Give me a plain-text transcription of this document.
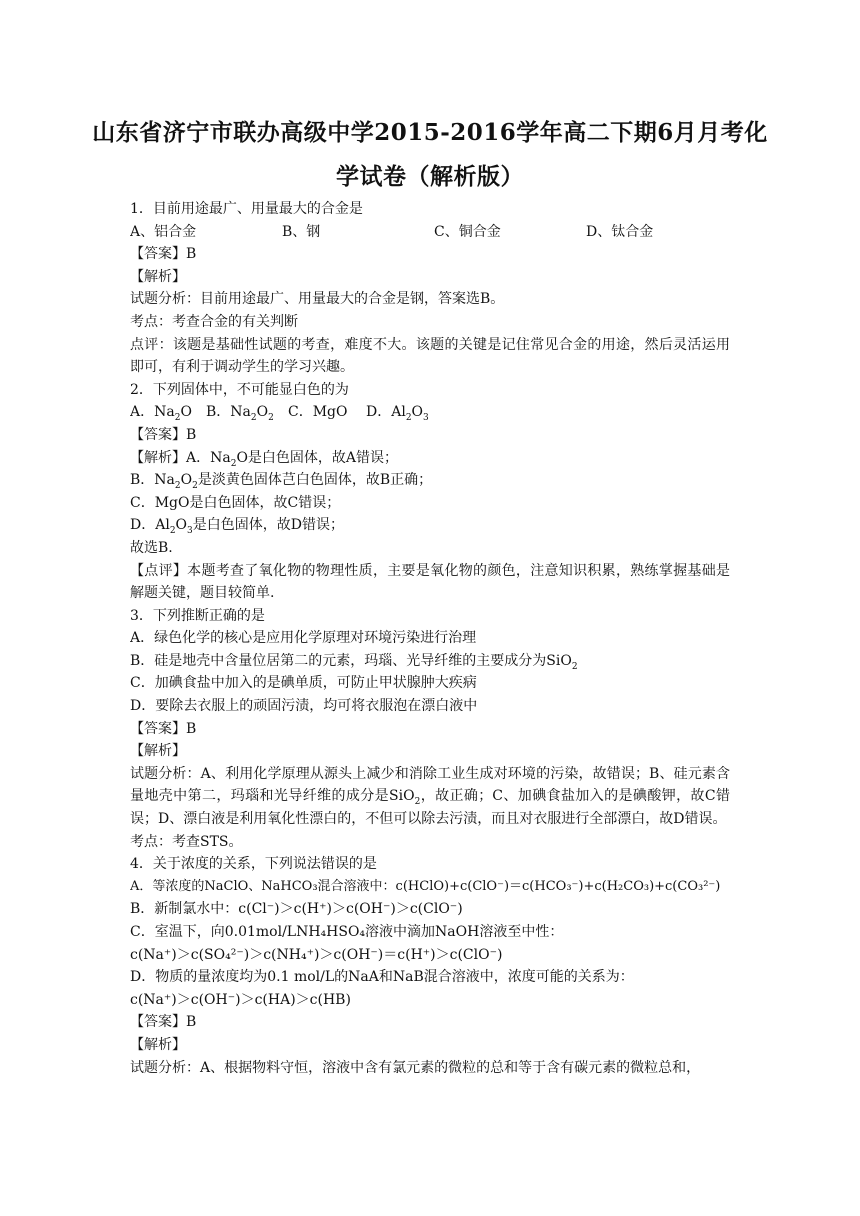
山东省济宁市联办高级中学2015-2016学年高二下期6月月考化
学试卷（解析版）
1．目前用途最广、用量最大的合金是
A、铝合金	B、钢	C、铜合金	D、钛合金
【答案】B
【解析】
试题分析：目前用途最广、用量最大的合金是钢，答案选B。
考点：考查合金的有关判断
点评：该题是基础性试题的考查，难度不大。该题的关键是记住常见合金的用途，然后灵活运用即可，有利于调动学生的学习兴趣。
2．下列固体中，不可能显白色的为
A．$Na_2O$ B．$Na_2O_2$ C．MgO D．$Al_2O_3$
【答案】B
【解析】A．$Na_2O$是白色固体，故A错误；
B．$Na_2O_2$是淡黄色固体芑白色固体，故B正确；
C．MgO是白色固体，故C错误；
D．$Al_2O_3$是白色固体，故D错误；
故选B.
【点评】本题考查了氧化物的物理性质，主要是氧化物的颜色，注意知识积累，熟练掌握基础是解题关键，题目较简单.
3．下列推断正确的是
A．绿色化学的核心是应用化学原理对环境污染进行治理
B．硅是地壳中含量位居第二的元素，玛瑙、光导纤维的主要成分为SiO$_2$
C．加碘食盐中加入的是碘单质，可防止甲状腺肿大疾病
D．要除去衣服上的顽固污渍，均可将衣服泡在漂白液中
【答案】B
【解析】
试题分析：A、利用化学原理从源头上减少和消除工业生成对环境的污染，故错误；B、硅元素含量地壳中第二，玛瑙和光导纤维的成分是SiO$_2$，故正确；C、加碘食盐加入的是碘酸钾，故C错误；D、漂白液是利用氧化性漂白的，不但可以除去污渍，而且对衣服进行全部漂白，故D错误。
考点：考查STS。
4．关于浓度的关系，下列说法错误的是
A．等浓度的NaClO、NaHCO₃混合溶液中：c(HClO)+c(ClO⁻)＝c(HCO₃⁻)+c(H₂CO₃)+c(CO₃²⁻)
B．新制氯水中：c(Cl⁻)＞c(H⁺)＞c(OH⁻)＞c(ClO⁻)
C．室温下，向0.01mol/LNH₄HSO₄溶液中滴加NaOH溶液至中性：
c(Na⁺)＞c(SO₄²⁻)＞c(NH₄⁺)＞c(OH⁻)＝c(H⁺)＞c(ClO⁻)
D．物质的量浓度均为0.1 mol/L的NaA和NaB混合溶液中，浓度可能的关系为：
c(Na⁺)＞c(OH⁻)＞c(HA)＞c(HB)
【答案】B
【解析】
试题分析：A、根据物料守恒，溶液中含有氯元素的微粒的总和等于含有碳元素的微粒总和，
